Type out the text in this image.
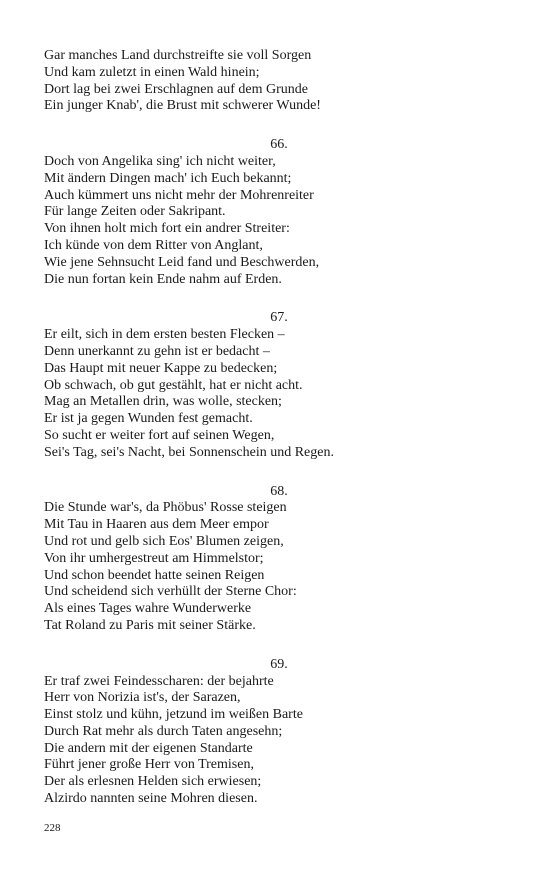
Gar manches Land durchstreifte sie voll Sorgen
Und kam zuletzt in einen Wald hinein;
Dort lag bei zwei Erschlagnen auf dem Grunde
Ein junger Knab', die Brust mit schwerer Wunde!
66.
Doch von Angelika sing' ich nicht weiter,
Mit ändern Dingen mach' ich Euch bekannt;
Auch kümmert uns nicht mehr der Mohrenreiter
Für lange Zeiten oder Sakripant.
Von ihnen holt mich fort ein andrer Streiter:
Ich künde von dem Ritter von Anglant,
Wie jene Sehnsucht Leid fand und Beschwerden,
Die nun fortan kein Ende nahm auf Erden.
67.
Er eilt, sich in dem ersten besten Flecken –
Denn unerkannt zu gehn ist er bedacht –
Das Haupt mit neuer Kappe zu bedecken;
Ob schwach, ob gut gestählt, hat er nicht acht.
Mag an Metallen drin, was wolle, stecken;
Er ist ja gegen Wunden fest gemacht.
So sucht er weiter fort auf seinen Wegen,
Sei's Tag, sei's Nacht, bei Sonnenschein und Regen.
68.
Die Stunde war's, da Phöbus' Rosse steigen
Mit Tau in Haaren aus dem Meer empor
Und rot und gelb sich Eos' Blumen zeigen,
Von ihr umhergestreut am Himmelstor;
Und schon beendet hatte seinen Reigen
Und scheidend sich verhüllt der Sterne Chor:
Als eines Tages wahre Wunderwerke
Tat Roland zu Paris mit seiner Stärke.
69.
Er traf zwei Feindesscharen: der bejahrte
Herr von Norizia ist's, der Sarazen,
Einst stolz und kühn, jetzund im weißen Barte
Durch Rat mehr als durch Taten angesehn;
Die andern mit der eigenen Standarte
Führt jener große Herr von Tremisen,
Der als erlesnen Helden sich erwiesen;
Alzirdo nannten seine Mohren diesen.
228
